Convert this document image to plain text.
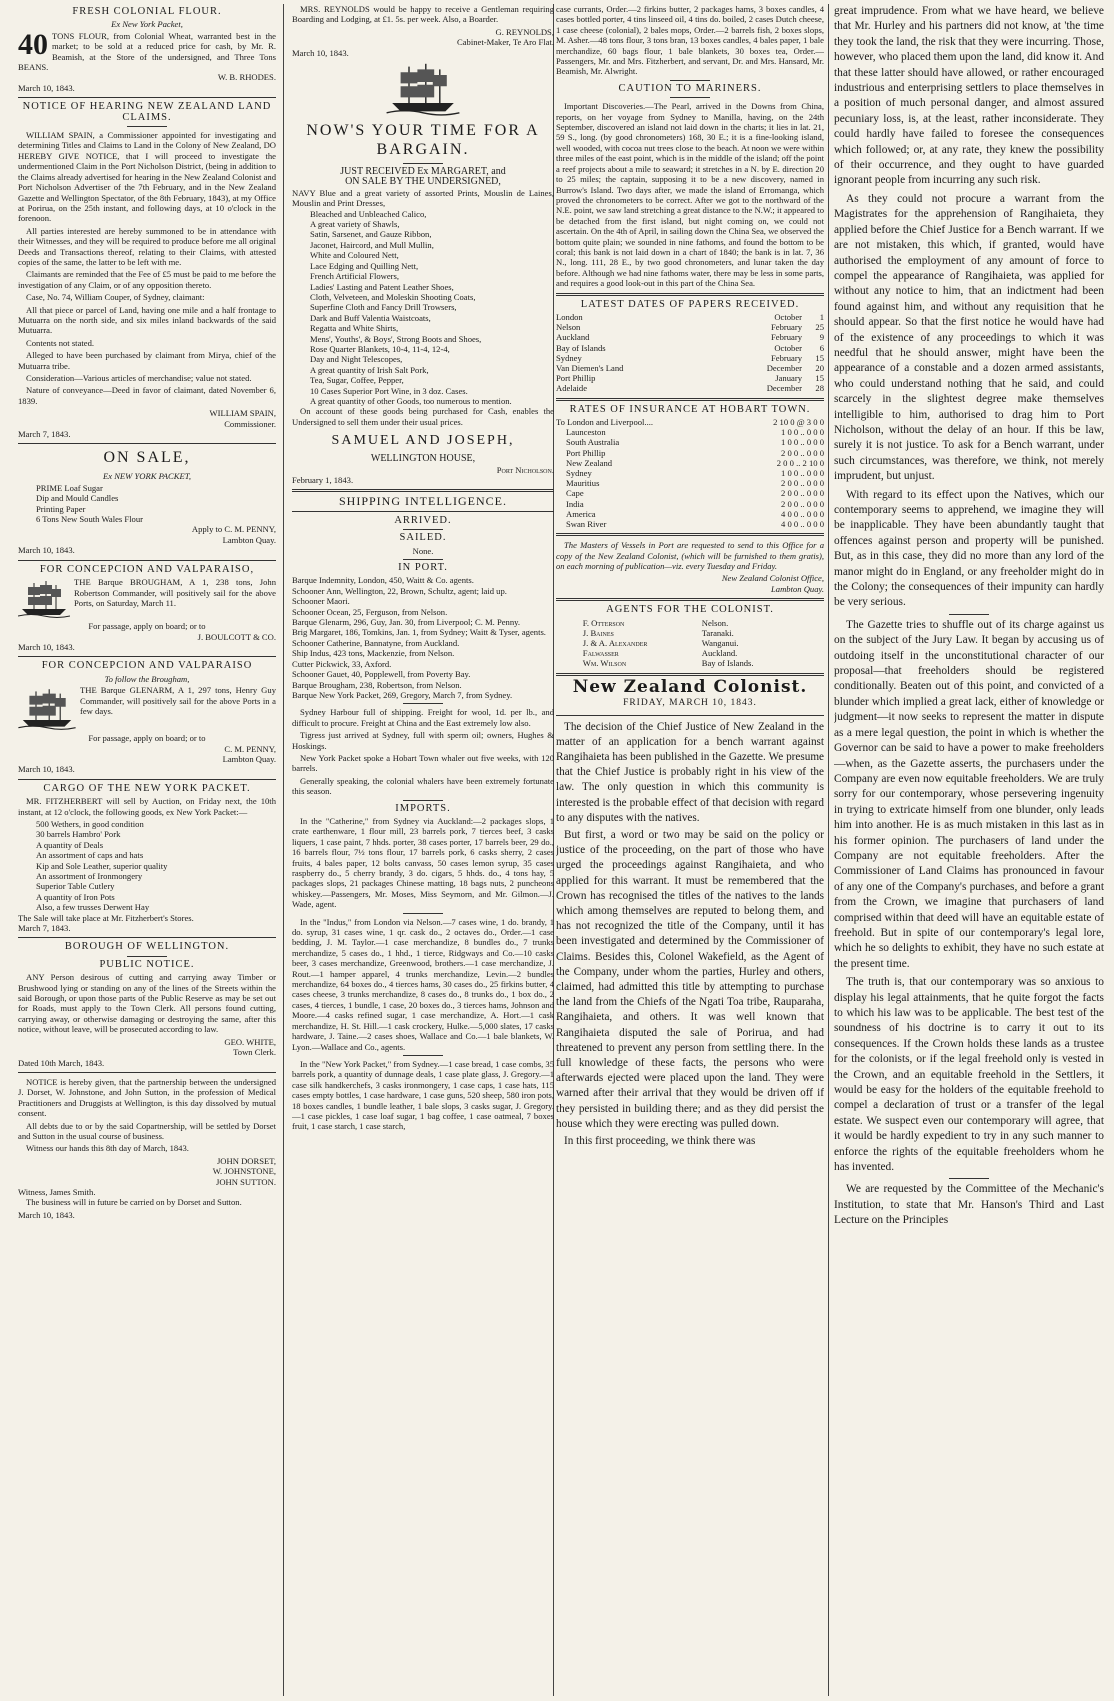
FRESH COLONIAL FLOUR.
Ex New York Packet,
40 TONS FLOUR, from Colonial Wheat, warranted best in the market; to be sold at a reduced price for cash, by Mr. R. Beamish, at the Store of the undersigned, and Three Tons BEANS.
W. B. RHODES.
March 10, 1843.
NOTICE OF HEARING NEW ZEALAND LAND CLAIMS.

WILLIAM SPAIN, a Commissioner appointed for investigating and determining Titles and Claims to Land in the Colony of New Zealand, DO HEREBY GIVE NOTICE, that I will proceed to investigate the undermentioned Claim in the Port Nicholson District, (being in addition to the Claims already advertised for hearing in the New Zealand Colonist and Port Nicholson Advertiser of the 7th February, and in the New Zealand Gazette and Wellington Spectator, of the 8th February, 1843), at my Office at Porirua, on the 25th instant, and following days, at 10 o'clock in the forenoon.

All parties interested are hereby summoned to be in attendance with their Witnesses, and they will be required to produce before me all original Deeds and Transactions thereof, relating to their Claims, with attested copies of the same, the latter to be left with me.

Claimants are reminded that the Fee of £5 must be paid to me before the investigation of any Claim, or of any opposition thereto.

Case, No. 74, William Couper, of Sydney, claimant:

All that piece or parcel of Land, having one mile and a half frontage to Mutuarra on the north side, and six miles inland backwards of the said Mutuarra.

Contents not stated.

Alleged to have been purchased by claimant from Mirya, chief of the Mutuarra tribe.

Consideration—Various articles of merchandise; value not stated.

Nature of conveyance—Deed in favor of claimant, dated November 6, 1839.

WILLIAM SPAIN,
Commissioner.
March 7, 1843.
ON SALE,
Ex NEW YORK PACKET,
PRIME Loaf Sugar
Dip and Mould Candles
Printing Paper
6 Tons New South Wales Flour
Apply to C. M. PENNY,
Lambton Quay.
March 10, 1843.
FOR CONCEPCION AND VALPARAISO,
THE Barque BROUGHAM, A 1, 238 tons, John Robertson Commander, will positively sail for the above Ports, on Saturday, March 11.
For passage, apply on board; or to
J. BOULCOTT & CO.
March 10, 1843.
FOR CONCEPCION AND VALPARAISO
To follow the Brougham,
THE Barque GLENARM, A 1, 297 tons, Henry Guy Commander, will positively sail for the above Ports in a few days.
For passage, apply on board; or to
C. M. PENNY,
Lambton Quay.
March 10, 1843.
CARGO OF THE NEW YORK PACKET.

MR. FITZHERBERT will sell by Auction, on Friday next, the 10th instant, at 12 o'clock, the following goods, ex New York Packet:—

500 Wethers, in good condition
30 barrels Hambro' Pork
A quantity of Deals
An assortment of caps and hats
Kip and Sole Leather, superior quality
An assortment of Ironmongery
Superior Table Cutlery
A quantity of Iron Pots
Also, a few trusses Derwent Hay
The Sale will take place at Mr. Fitzherbert's Stores.
March 7, 1843.
BOROUGH OF WELLINGTON.
PUBLIC NOTICE.

ANY Person desirous of cutting and carrying away Timber or Brushwood lying or standing on any of the lines of the Streets within the said Borough, or upon those parts of the Public Reserve as may be set out for Roads, must apply to the Town Clerk. All persons found cutting, carrying away, or otherwise damaging or destroying the same, after this notice, without leave, will be prosecuted according to law.

GEO. WHITE,
Town Clerk.
Dated 10th March, 1843.

NOTICE is hereby given, that the partnership between the undersigned J. Dorset, W. Johnstone, and John Sutton, in the profession of Medical Practitioners and Druggists at Wellington, is this day dissolved by mutual consent.

All debts due to or by the said Copartnership, will be settled by Dorset and Sutton in the usual course of business.

Witness our hands this 8th day of March, 1843.

JOHN DORSET,
W. JOHNSTONE,
JOHN SUTTON.
Witness, James Smith.

The business will in future be carried on by Dorset and Sutton.

March 10, 1843.

MRS. REYNOLDS would be happy to receive a Gentleman requiring Boarding and Lodging, at £1. 5s. per week. Also, a Boarder.

G. REYNOLDS,
Cabinet-Maker, Te Aro Flat.
March 10, 1843.
NOW'S YOUR TIME FOR A BARGAIN.
JUST RECEIVED Ex MARGARET, and
ON SALE BY THE UNDERSIGNED,
NAVY Blue and a great variety of assorted Prints, Mouslin de Laines, Mouslin and Print Dresses,
Bleached and Unbleached Calico,
A great variety of Shawls,
Satin, Sarsenet, and Gauze Ribbon,
Jaconet, Haircord, and Mull Mullin,
White and Coloured Nett,
Lace Edging and Quilling Nett,
French Artificial Flowers,
Ladies' Lasting and Patent Leather Shoes,
Cloth, Velveteen, and Moleskin Shooting Coats,
Superfine Cloth and Fancy Drill Trowsers,
Dark and Buff Valentia Waistcoats,
Regatta and White Shirts,
Mens', Youths', & Boys', Strong Boots and Shoes,
Rose Quarter Blankets, 10-4, 11-4, 12-4,
Day and Night Telescopes,
A great quantity of Irish Salt Pork,
Tea, Sugar, Coffee, Pepper,
10 Cases Superior Port Wine, in 3 doz. Cases.
A great quantity of other Goods, too numerous to mention.

On account of these goods being purchased for Cash, enables the Undersigned to sell them under their usual prices.

SAMUEL AND JOSEPH,
WELLINGTON HOUSE,
Port Nicholson.
February 1, 1843.
SHIPPING INTELLIGENCE.
ARRIVED.
SAILED.
None.
IN PORT.
Barque Indemnity, London, 450, Waitt & Co. agents.
Schooner Ann, Wellington, 22, Brown, Schultz, agent; laid up.
Schooner Maori.
Schooner Ocean, 25, Ferguson, from Nelson.
Barque Glenarm, 296, Guy, Jan. 30, from Liverpool; C. M. Penny.
Brig Margaret, 186, Tomkins, Jan. 1, from Sydney; Waitt & Tyser, agents.
Schooner Catherine, Bannatyne, from Auckland.
Ship Indus, 423 tons, Mackenzie, from Nelson.
Cutter Pickwick, 33, Axford.
Schooner Gauet, 40, Popplewell, from Poverty Bay.
Barque Brougham, 238, Robertson, from Nelson.
Barque New York Packet, 269, Gregory, March 7, from Sydney.

Sydney Harbour full of shipping. Freight for wool, 1d. per lb., and difficult to procure. Freight at China and the East extremely low also.

Tigress just arrived at Sydney, full with sperm oil; owners, Hughes & Hoskings.

New York Packet spoke a Hobart Town whaler out five weeks, with 120 barrels.

Generally speaking, the colonial whalers have been extremely fortunate this season.

IMPORTS.

In the "Catherine," from Sydney via Auckland:—2 packages slops, 1 crate earthenware, 1 flour mill, 23 barrels pork, 7 tierces beef, 3 casks liquers, 1 case paint, 7 hhds. porter, 38 cases porter, 17 barrels beer, 29 do., 16 barrels flour, 7½ tons flour, 17 barrels pork, 6 casks sherry, 2 cases fruits, 4 bales paper, 12 bolts canvass, 50 cases lemon syrup, 35 cases raspberry do., 5 cherry brandy, 3 do. cigars, 5 hhds. do., 4 tons hay, 5 packages slops, 21 packages Chinese matting, 18 bags nuts, 2 puncheons whiskey.—Passengers, Mr. Moses, Miss Seymorn, and Mr. Gilmon.—J. Wade, agent.

In the "Indus," from London via Nelson.—7 cases wine, 1 do. brandy, 1 do. syrup, 31 cases wine, 1 qr. cask do., 2 octaves do., Order.—1 case bedding, J. M. Taylor.—1 case merchandize, 8 bundles do., 7 trunks merchandize, 5 cases do., 1 hhd., 1 tierce, Ridgways and Co.—10 casks beer, 3 cases merchandize, Greenwood, brothers.—1 case merchandize, J. Rout.—1 hamper apparel, 4 trunks merchandize, Levin.—2 bundles merchandize, 64 boxes do., 4 tierces hams, 30 cases do., 25 firkins butter, 4 cases cheese, 3 trunks merchandize, 8 cases do., 8 trunks do., 1 box do., 2 cases, 4 tierces, 1 bundle, 1 case, 20 boxes do., 3 tierces hams, Johnson and Moore.—4 casks refined sugar, 1 case merchandize, A. Hort.—1 cask merchandize, H. St. Hill.—1 cask crockery, Hulke.—5,000 slates, 17 casks hardware, J. Taine.—2 cases shoes, Wallace and Co.—1 bale blankets, W. Lyon.—Wallace and Co., agents.

In the "New York Packet," from Sydney.—1 case bread, 1 case combs, 35 barrels pork, a quantity of dunnage deals, 1 case plate glass, J. Gregory.—1 case silk handkerchefs, 3 casks ironmongery, 1 case caps, 1 case hats, 115 cases empty bottles, 1 case hardware, 1 case guns, 520 sheep, 580 iron pots, 18 boxes candles, 1 bundle leather, 1 bale slops, 3 casks sugar, J. Gregory.—1 case pickles, 1 case loaf sugar, 1 bag coffee, 1 case oatmeal, 7 boxes fruit, 1 case starch, 1 case starch,

case currants, Order.—2 firkins butter, 2 packages hams, 3 boxes candles, 4 cases bottled porter, 4 tins linseed oil, 4 tins do. boiled, 2 cases Dutch cheese, 1 case cheese (colonial), 2 bales mops, Order.—2 barrels fish, 2 boxes slops, M. Asher.—48 tons flour, 3 tons bran, 13 boxes candles, 4 bales paper, 1 bale merchandize, 60 bags flour, 1 bale blankets, 30 boxes tea, Order.—Passengers, Mr. and Mrs. Fitzherbert, and servant, Dr. and Mrs. Hansard, Mr. Beamish, Mr. Alwright.

CAUTION TO MARINERS.

Important Discoveries.—The Pearl, arrived in the Downs from China, reports, on her voyage from Sydney to Manilla, having, on the 24th September, discovered an island not laid down in the charts; it lies in lat. 21, 59 S., long. (by good chronometers) 168, 30 E.; it is a fine-looking island, well wooded, with cocoa nut trees close to the beach. At noon we were within three miles of the east point, which is in the middle of the island; off the point a reef projects about a mile to seaward; it stretches in a N. by E. direction 20 to 25 miles; the captain, supposing it to be a new discovery, named in Burrow's Island. Two days after, we made the island of Erromanga, which proved the chronometers to be correct. After we got to the northward of the N.E. point, we saw land stretching a great distance to the N.W.; it appeared to be detached from the first island, but night coming on, we could not ascertain. On the 4th of April, in sailing down the China Sea, we observed the bottom quite plain; we sounded in nine fathoms, and found the bottom to be coral; this bank is not laid down in a chart of 1840; the bank is in lat. 7, 36 N., long. 111, 28 E., by two good chronometers, and lunar taken the day before. Although we had nine fathoms water, there may be less in some parts, and requires a good look-out in this part of the China Sea.

LATEST DATES OF PAPERS RECEIVED.
London	October	1
Nelson	February	25
Auckland	February	9
Bay of Islands	October	6
Sydney	February	15
Van Diemen's Land	December	20
Port Phillip	January	15
Adelaide	December	28
RATES OF INSURANCE AT HOBART TOWN.
To London and Liverpool....	2 10 0 @ 3 0 0
Launceston	1 0 0 .. 0 0 0
South Australia	1 0 0 .. 0 0 0
Port Phillip	2 0 0 .. 0 0 0
New Zealand	2 0 0 .. 2 10 0
Sydney	1 0 0 .. 0 0 0
Mauritius	2 0 0 .. 0 0 0
Cape	2 0 0 .. 0 0 0
India	2 0 0 .. 0 0 0
America	4 0 0 .. 0 0 0
Swan River	4 0 0 .. 0 0 0

The Masters of Vessels in Port are requested to send to this Office for a copy of the New Zealand Colonist, (which will be furnished to them gratis), on each morning of publication—viz. every Tuesday and Friday.

New Zealand Colonist Office,
Lambton Quay.
AGENTS FOR THE COLONIST.
F. Otterson	Nelson.
J. Baines	Taranaki.
J. & A. Alexander	Wanganui.
Falwasser	Auckland.
Wm. Wilson	Bay of Islands.
New Zealand Colonist.
FRIDAY, MARCH 10, 1843.

The decision of the Chief Justice of New Zealand in the matter of an application for a bench warrant against Rangihaieta has been published in the Gazette. We presume that the Chief Justice is probably right in his view of the law. The only question in which this community is interested is the probable effect of that decision with regard to any disputes with the natives.

But first, a word or two may be said on the policy or justice of the proceeding, on the part of those who have urged the proceedings against Rangihaieta, and who applied for this warrant. It must be remembered that the Crown has recognised the titles of the natives to the lands which among themselves are reputed to belong them, and has not recognized the title of the Company, until it has been investigated and determined by the Commissioner of Claims. Besides this, Colonel Wakefield, as the Agent of the Company, under whom the parties, Hurley and others, claimed, had admitted this title by attempting to purchase the land from the Chiefs of the Ngati Toa tribe, Rauparaha, Rangihaieta, and others. It was well known that Rangihaieta disputed the sale of Porirua, and had threatened to prevent any person from settling there. In the full knowledge of these facts, the persons who were afterwards ejected were placed upon the land. They were warned after their arrival that they would be driven off if they persisted in building there; and as they did persist the house which they were erecting was pulled down.

In this first proceeding, we think there was

great imprudence. From what we have heard, we believe that Mr. Hurley and his partners did not know, at 'the time they took the land, the risk that they were incurring. Those, however, who placed them upon the land, did know it. And that these latter should have allowed, or rather encouraged industrious and enterprising settlers to place themselves in a position of much personal danger, and almost assured pecuniary loss, is, at the least, rather inconsiderate. They could hardly have failed to foresee the consequences which followed; or, at any rate, they knew the possibility of their occurrence, and they ought to have guarded ignorant people from incurring any such risk.

As they could not procure a warrant from the Magistrates for the apprehension of Rangihaieta, they applied before the Chief Justice for a Bench warrant. If we are not mistaken, this which, if granted, would have authorised the employment of any amount of force to compel the appearance of Rangihaieta, was applied for without any notice to him, that an indictment had been found against him, and without any requisition that he should appear. So that the first notice he would have had of the existence of any proceedings to which it was needful that he should answer, might have been the appearance of a constable and a dozen armed assistants, who could understand nothing that he said, and could scarcely in the slightest degree make themselves intelligible to him, authorised to drag him to Port Nicholson, without the delay of an hour. If this be law, surely it is not justice. To ask for a Bench warrant, under such circumstances, was therefore, we think, not merely imprudent, but unjust.

With regard to its effect upon the Natives, which our contemporary seems to apprehend, we imagine they will be inapplicable. They have been abundantly taught that offences against person and property will be punished. But, as in this case, they did no more than any lord of the manor might do in England, or any freeholder might do in the Colony; the consequences of their impunity can hardly be very serious.

The Gazette tries to shuffle out of its charge against us on the subject of the Jury Law. It began by accusing us of outdoing itself in the unconstitutional character of our proposal—that freeholders should be registered conditionally. Beaten out of this point, and convicted of a blunder which implied a great lack, either of knowledge or judgment—it now seeks to represent the matter in dispute as a mere legal question, the point in which is whether the Governor can be said to have a power to make freeholders—when, as the Gazette asserts, the purchasers under the Company are even now equitable freeholders. We are truly sorry for our contemporary, whose persevering ingenuity in trying to extricate himself from one blunder, only leads him into another. He is as much mistaken in this last as in his former opinion. The purchasers of land under the Company are not equitable freeholders. After the Commissioner of Land Claims has pronounced in favour of any one of the Company's purchases, and before a grant from the Crown, we imagine that purchasers of land comprised within that deed will have an equitable estate of freehold. But in spite of our contemporary's legal lore, which he so delights to exhibit, they have no such estate at the present time.

The truth is, that our contemporary was so anxious to display his legal attainments, that he quite forgot the facts to which his law was to be applicable. The best test of the soundness of his doctrine is to carry it out to its consequences. If the Crown holds these lands as a trustee for the colonists, or if the legal freehold only is vested in the Crown, and an equitable freehold in the Settlers, it would be easy for the holders of the equitable freehold to compel a declaration of trust or a transfer of the legal estate. We suspect even our contemporary will agree, that it would be hardly expedient to try in any such manner to enforce the rights of the equitable freeholders whom he has invented.

We are requested by the Committee of the Mechanic's Institution, to state that Mr. Hanson's Third and Last Lecture on the Principles
